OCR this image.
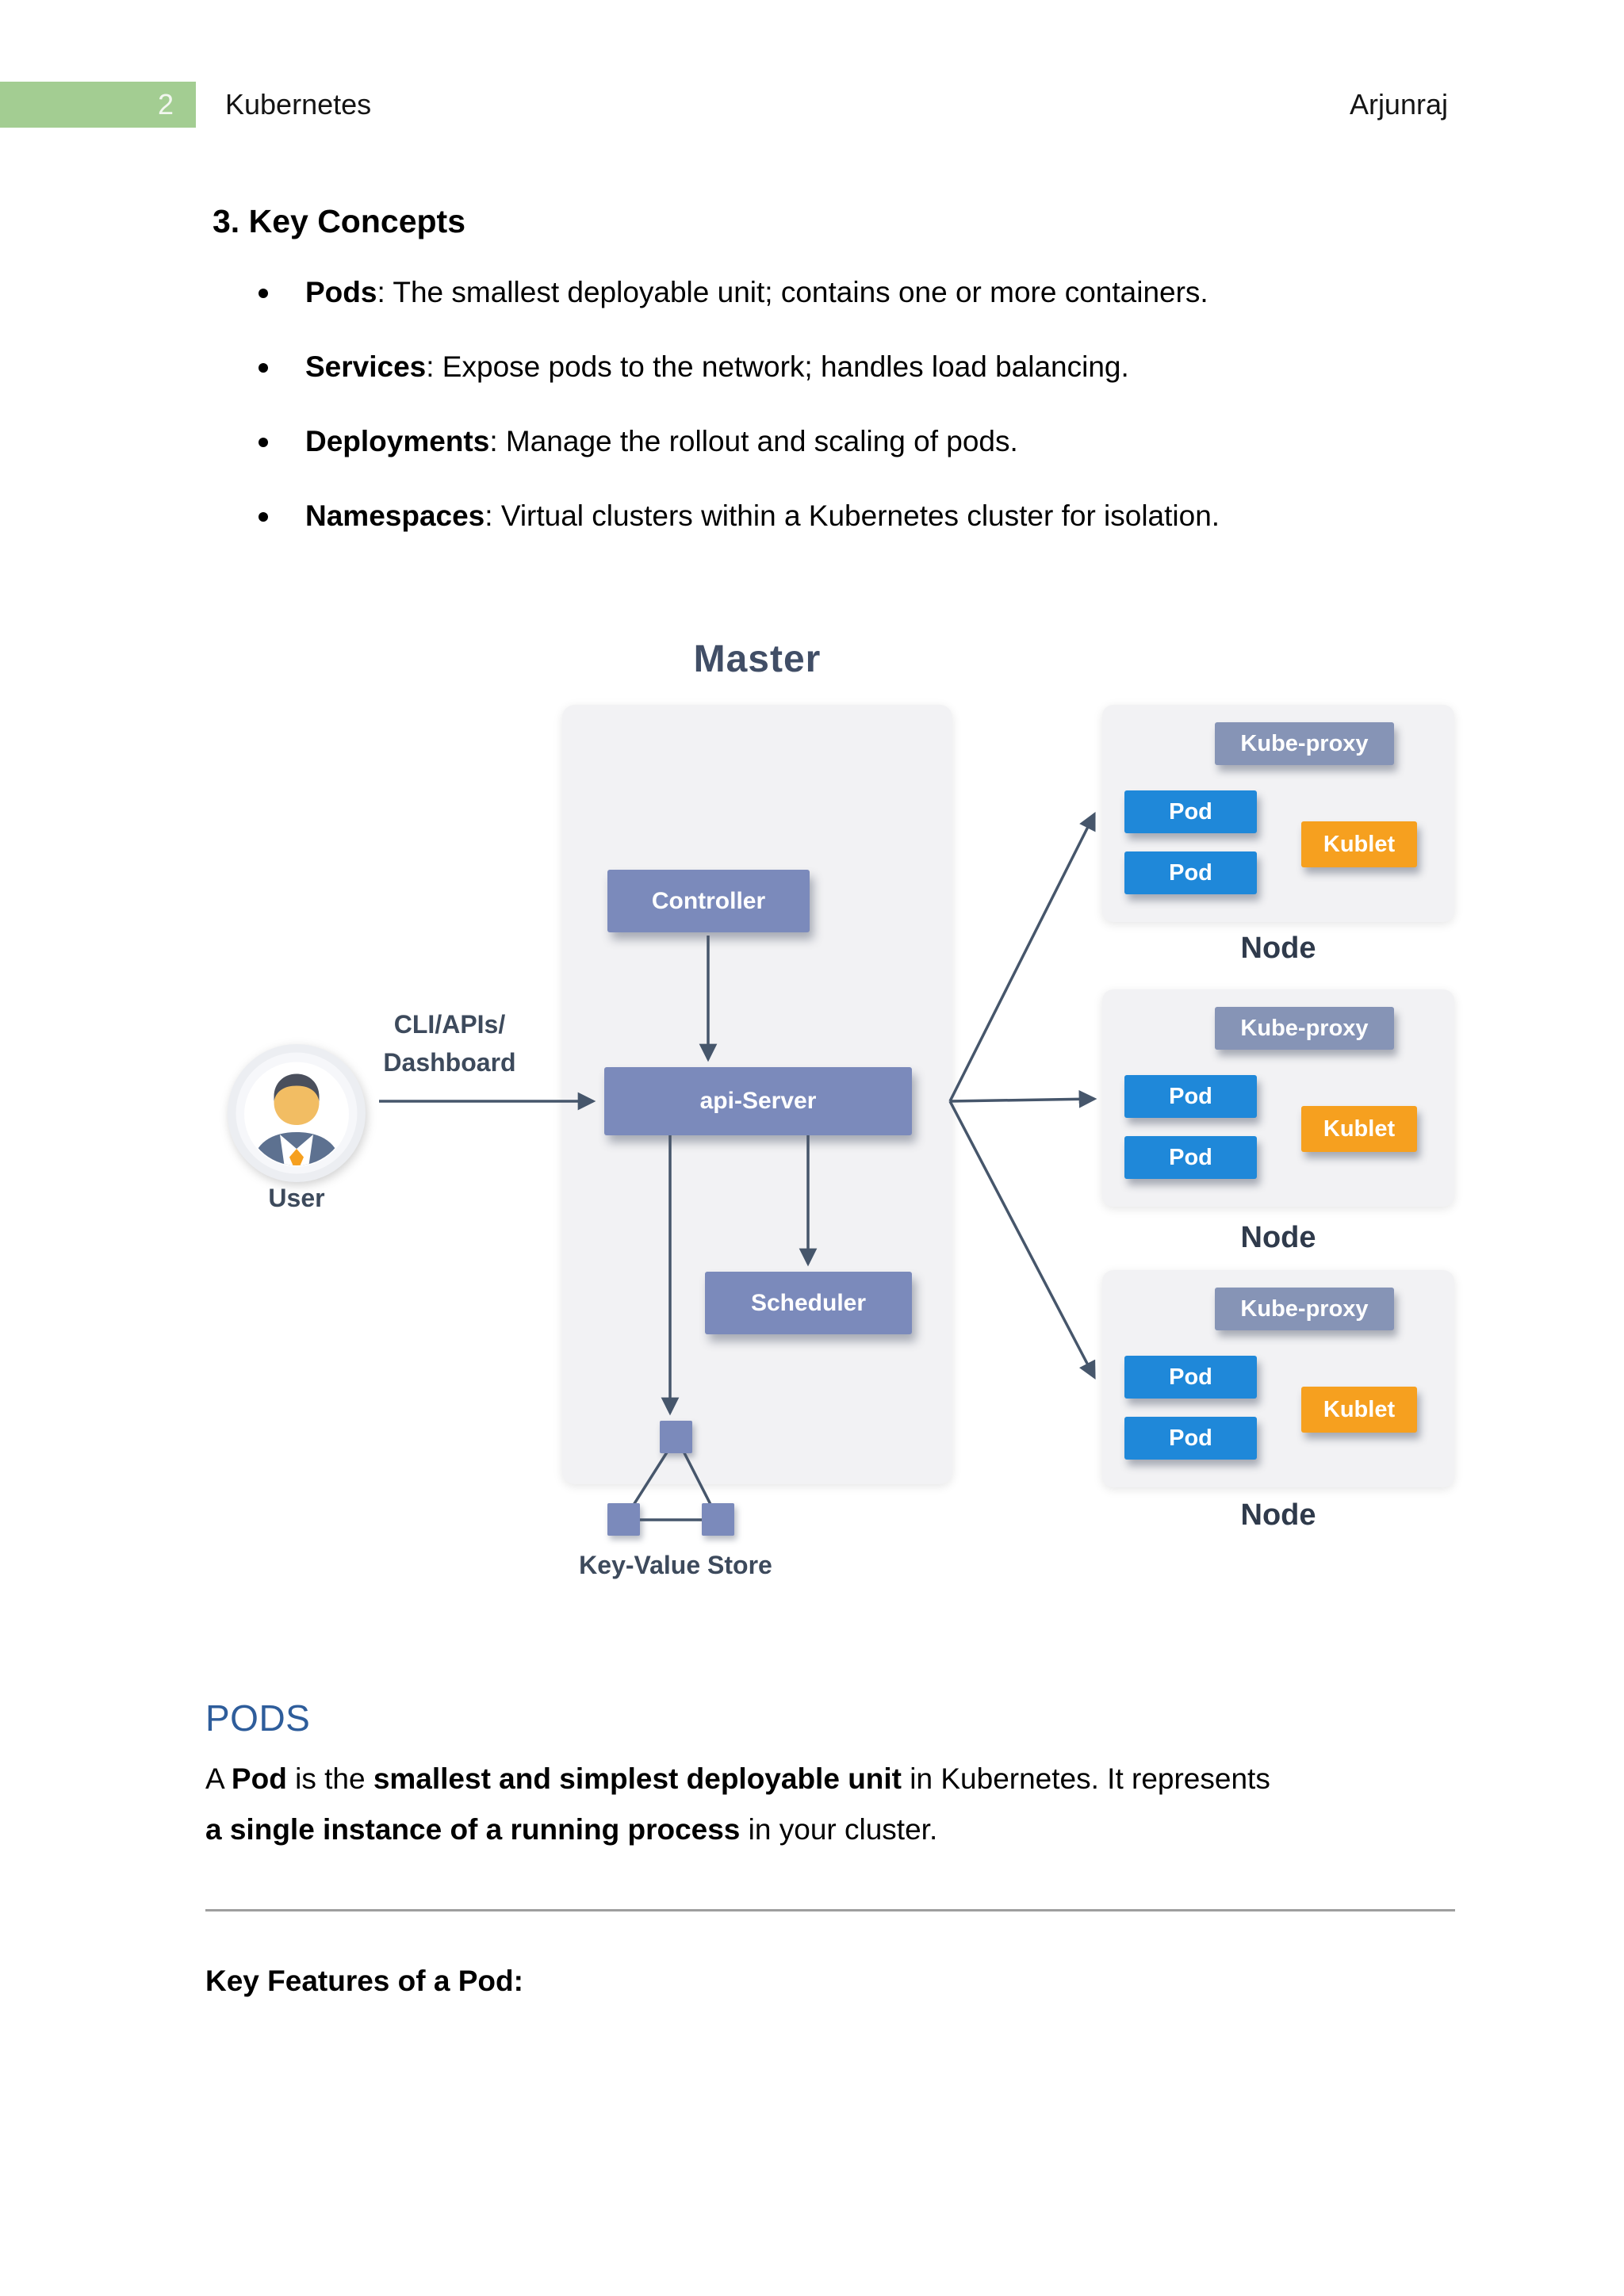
2 Kubernetes	Arjunraj
3. Key Concepts
Pods: The smallest deployable unit; contains one or more containers.
Services: Expose pods to the network; handles load balancing.
Deployments: Manage the rollout and scaling of pods.
Namespaces: Virtual clusters within a Kubernetes cluster for isolation.
Kube-proxy
Pod
Pod
Kublet
Kube-proxy
Pod
Pod
Kublet
Kube-proxy
Pod
Pod
Kublet
Master
Controller
api-Server
Scheduler
CLI/APIs/
Dashboard
User
Key-Value Store
Node
Node
Node
PODS

A Pod is the smallest and simplest deployable unit in Kubernetes. It represents
a single instance of a running process in your cluster.

Key Features of a Pod:
